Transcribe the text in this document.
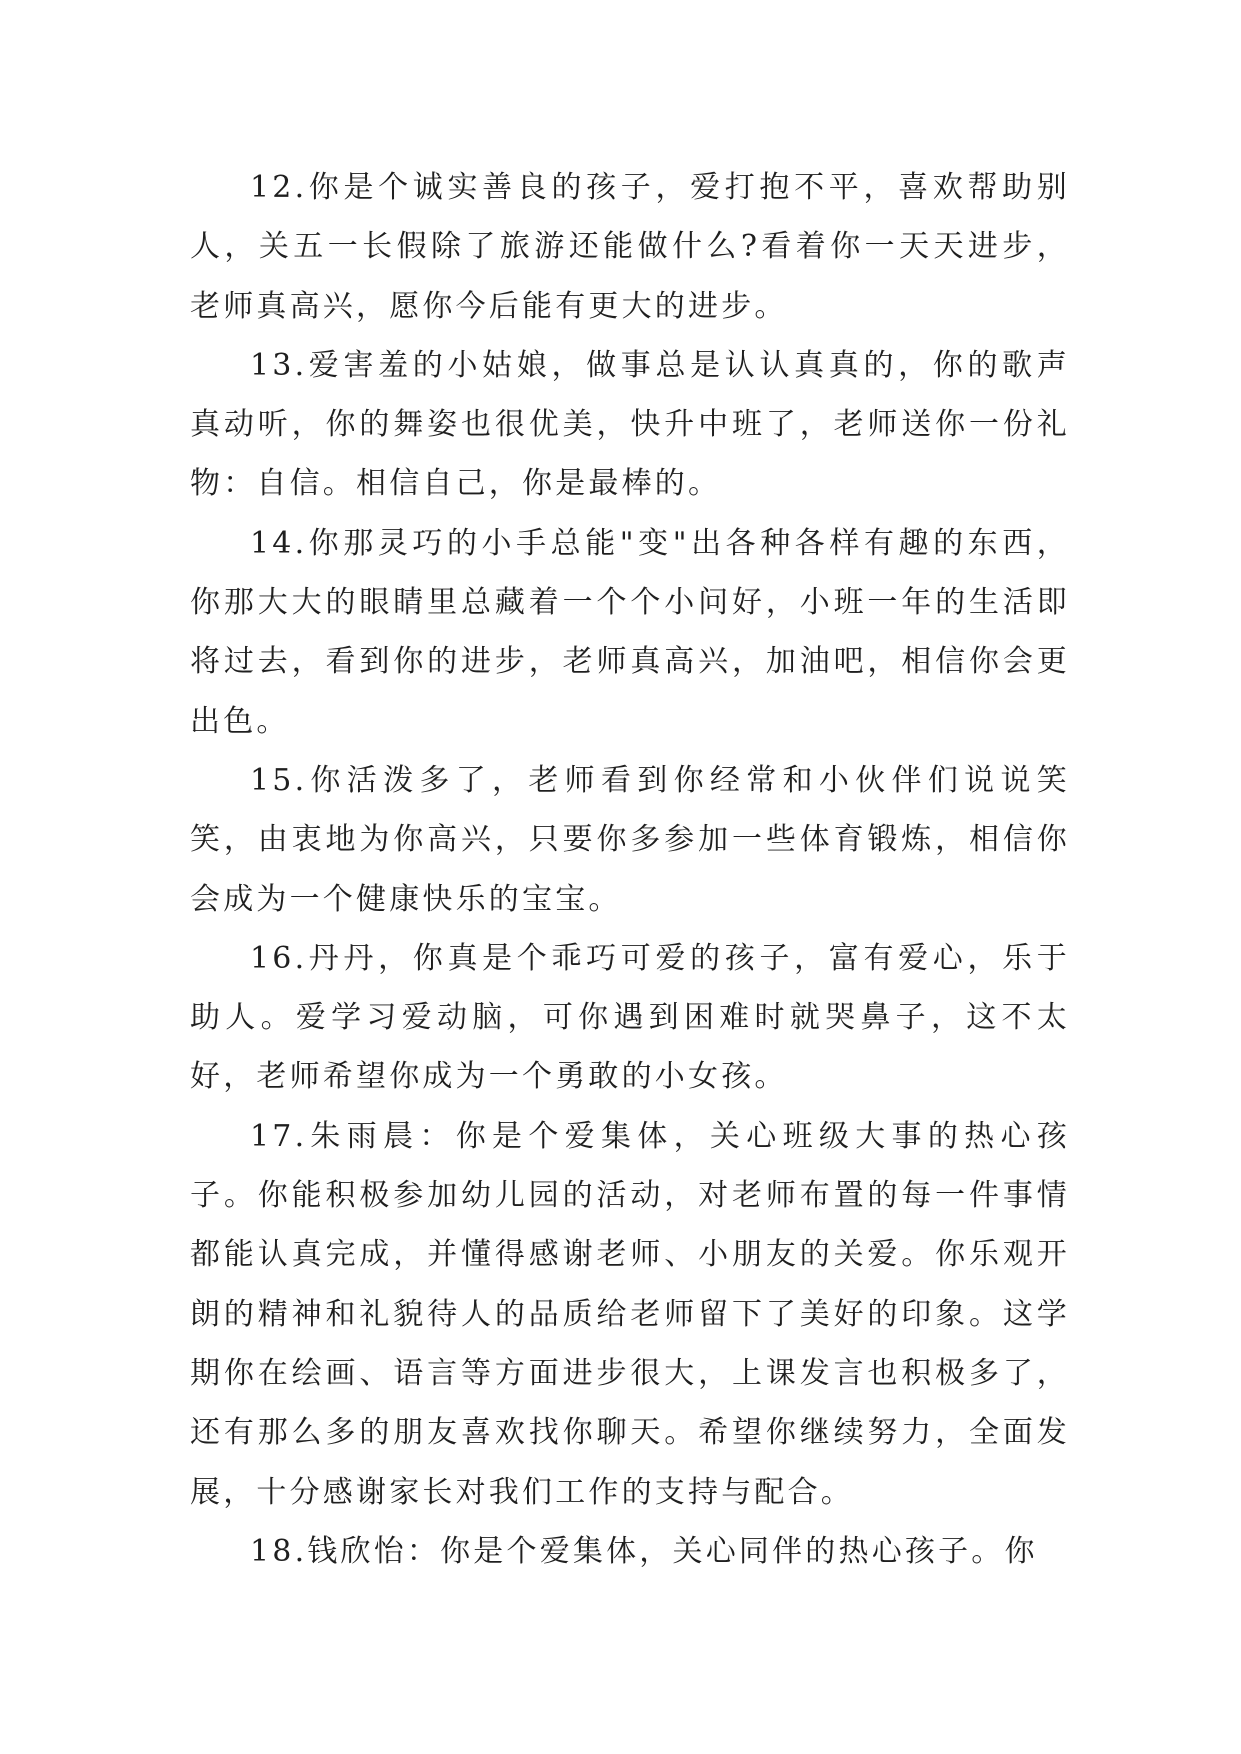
12.你是个诚实善良的孩子，爱打抱不平，喜欢帮助别人，关五一长假除了旅游还能做什么?看着你一天天进步，老师真高兴，愿你今后能有更大的进步。

13.爱害羞的小姑娘，做事总是认认真真的，你的歌声真动听，你的舞姿也很优美，快升中班了，老师送你一份礼物：自信。相信自己，你是最棒的。

14.你那灵巧的小手总能"变"出各种各样有趣的东西，你那大大的眼睛里总藏着一个个小问好，小班一年的生活即将过去，看到你的进步，老师真高兴，加油吧，相信你会更出色。

15.你活泼多了，老师看到你经常和小伙伴们说说笑笑，由衷地为你高兴，只要你多参加一些体育锻炼，相信你会成为一个健康快乐的宝宝。

16.丹丹，你真是个乖巧可爱的孩子，富有爱心，乐于助人。爱学习爱动脑，可你遇到困难时就哭鼻子，这不太好，老师希望你成为一个勇敢的小女孩。

17.朱雨晨：你是个爱集体，关心班级大事的热心孩子。你能积极参加幼儿园的活动，对老师布置的每一件事情都能认真完成，并懂得感谢老师、小朋友的关爱。你乐观开朗的精神和礼貌待人的品质给老师留下了美好的印象。这学期你在绘画、语言等方面进步很大，上课发言也积极多了，还有那么多的朋友喜欢找你聊天。希望你继续努力，全面发展，十分感谢家长对我们工作的支持与配合。

18.钱欣怡：你是个爱集体，关心同伴的热心孩子。你
